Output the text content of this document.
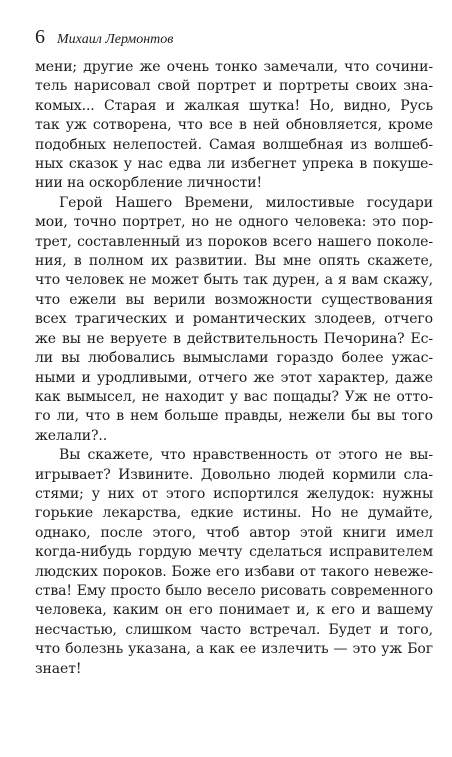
6 Михаил Лермонтов
мени; другие же очень тонко замечали, что сочини-
тель нарисовал свой портрет и портреты своих зна-
комых... Старая и жалкая шутка! Но, видно, Русь
так уж сотворена, что все в ней обновляется, кроме
подобных нелепостей. Самая волшебная из волшеб-
ных сказок у нас едва ли избегнет упрека в покуше-
нии на оскорбление личности!
Герой Нашего Времени, милостивые государи
мои, точно портрет, но не одного человека: это пор-
трет, составленный из пороков всего нашего поколе-
ния, в полном их развитии. Вы мне опять скажете,
что человек не может быть так дурен, а я вам скажу,
что ежели вы верили возможности существования
всех трагических и романтических злодеев, отчего
же вы не веруете в действительность Печорина? Ес-
ли вы любовались вымыслами гораздо более ужас-
ными и уродливыми, отчего же этот характер, даже
как вымысел, не находит у вас пощады? Уж не отто-
го ли, что в нем больше правды, нежели бы вы того
желали?..
Вы скажете, что нравственность от этого не вы-
игрывает? Извините. Довольно людей кормили сла-
стями; у них от этого испортился желудок: нужны
горькие лекарства, едкие истины. Но не думайте,
однако, после этого, чтоб автор этой книги имел
когда-нибудь гордую мечту сделаться исправителем
людских пороков. Боже его избави от такого невеже-
ства! Ему просто было весело рисовать современного
человека, каким он его понимает и, к его и вашему
несчастью, слишком часто встречал. Будет и того,
что болезнь указана, а как ее излечить — это уж Бог
знает!
